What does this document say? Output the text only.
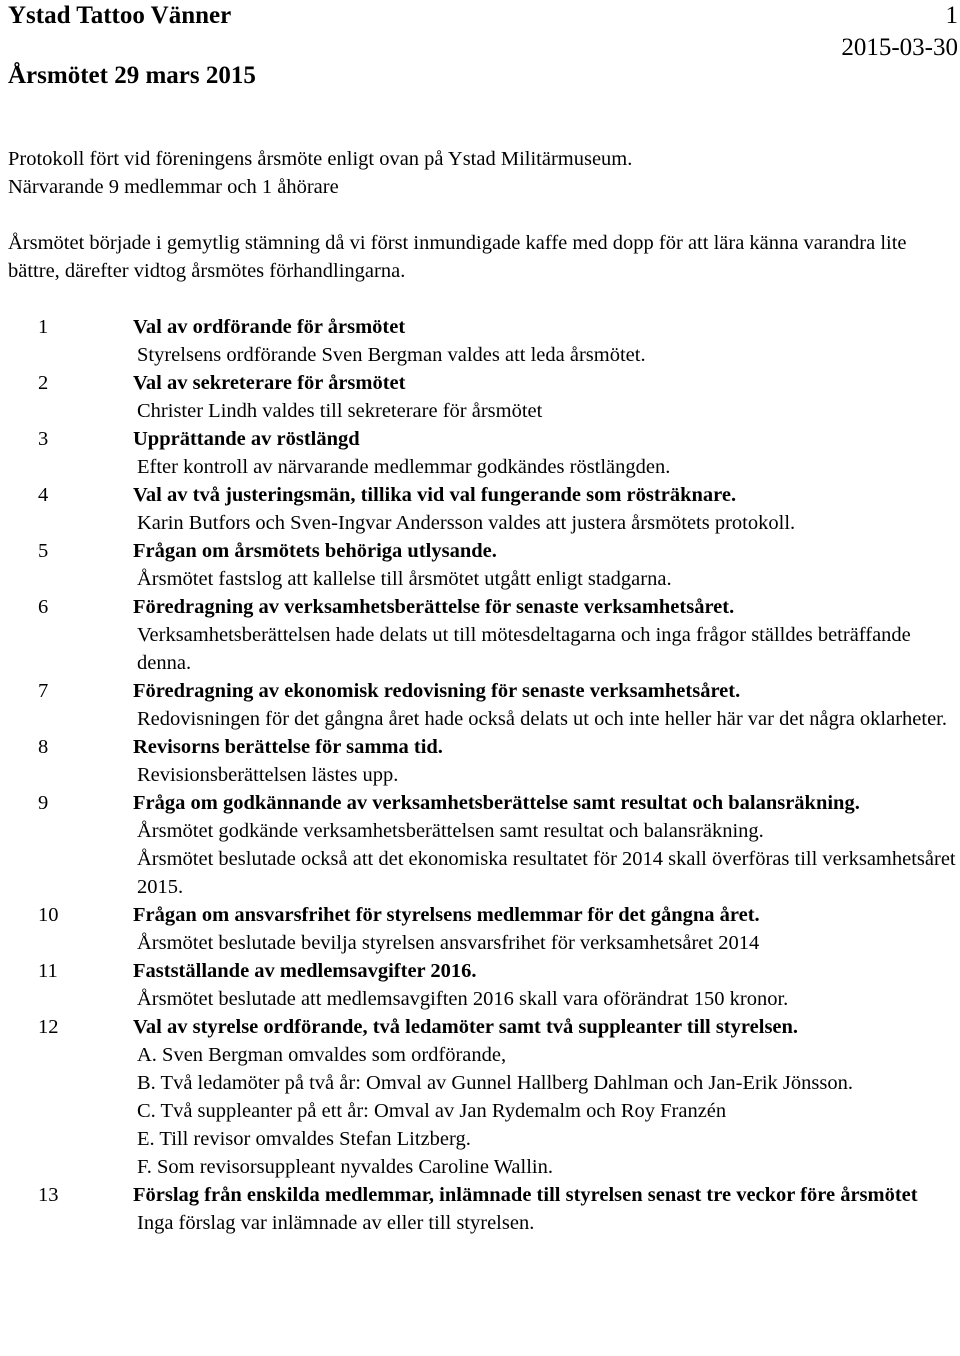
Ystad Tattoo Vänner
Årsmötet 29 mars 2015
1
2015-03-30

Protokoll fört vid föreningens årsmöte enligt ovan på Ystad Militärmuseum.

Närvarande 9 medlemmar och 1 åhörare

Årsmötet började i gemytlig stämning då vi först inmundigade kaffe med dopp för att lära känna varandra lite bättre, därefter vidtog årsmötes förhandlingarna.

1	Val av ordförande för årsmötet

Styrelsens ordförande Sven Bergman valdes att leda årsmötet.

2	Val av sekreterare för årsmötet

Christer Lindh valdes till sekreterare för årsmötet

3	Upprättande av röstlängd

Efter kontroll av närvarande medlemmar godkändes röstlängden.

4	Val av två justeringsmän, tillika vid val fungerande som rösträknare.

Karin Butfors och Sven-Ingvar Andersson valdes att justera årsmötets protokoll.

5	Frågan om årsmötets behöriga utlysande.

Årsmötet fastslog att kallelse till årsmötet utgått enligt stadgarna.

6	Föredragning av verksamhetsberättelse för senaste verksamhetsåret.

Verksamhetsberättelsen hade delats ut till mötesdeltagarna och inga frågor ställdes beträffande denna.

7	Föredragning av ekonomisk redovisning för senaste verksamhetsåret.

Redovisningen för det gångna året hade också delats ut och inte heller här var det några oklarheter.

8	Revisorns berättelse för samma tid.

Revisionsberättelsen lästes upp.

9	Fråga om godkännande av verksamhetsberättelse samt resultat och balansräkning.

Årsmötet godkände verksamhetsberättelsen samt resultat och balansräkning.

Årsmötet beslutade också att det ekonomiska resultatet för 2014 skall överföras till verksamhetsåret 2015.

10	Frågan om ansvarsfrihet för styrelsens medlemmar för det gångna året.

Årsmötet beslutade bevilja styrelsen ansvarsfrihet för verksamhetsåret 2014

11	Fastställande av medlemsavgifter 2016.

Årsmötet beslutade att medlemsavgiften 2016 skall vara oförändrat 150 kronor.

12	Val av styrelse ordförande, två ledamöter samt två suppleanter till styrelsen.

A. Sven Bergman omvaldes som ordförande,

B. Två ledamöter på två år: Omval av Gunnel Hallberg Dahlman och Jan-Erik Jönsson.

C. Två suppleanter på ett år: Omval av Jan Rydemalm och Roy Franzén

E. Till revisor omvaldes Stefan Litzberg.

F. Som revisorsuppleant nyvaldes Caroline Wallin.

13	Förslag från enskilda medlemmar, inlämnade till styrelsen senast tre veckor före årsmötet

Inga förslag var inlämnade av eller till styrelsen.
